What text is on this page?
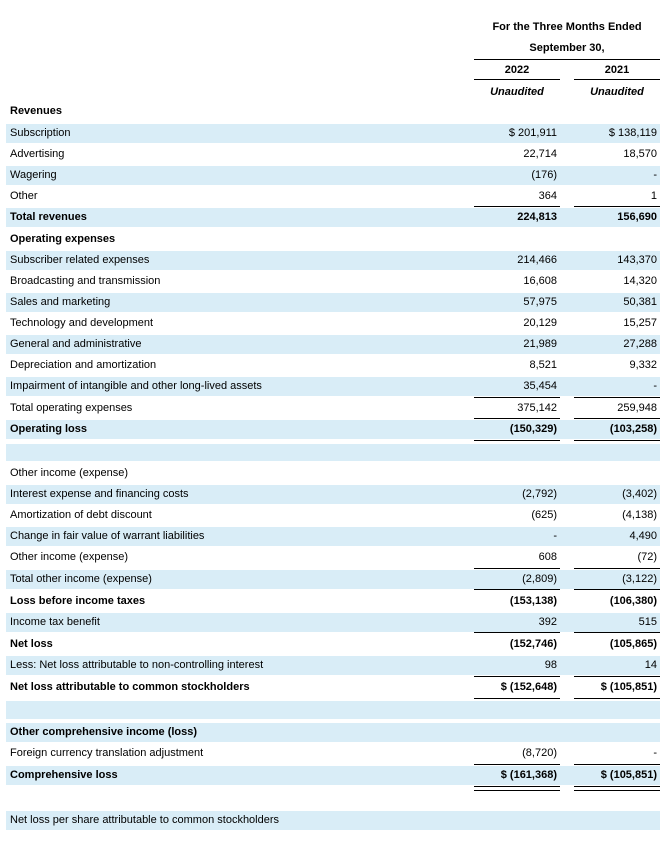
For the Three Months Ended
September 30,
2022	2021
Unaudited	Unaudited
Revenues
Subscription	$ 201,911	$ 138,119
Advertising	22,714	18,570
Wagering	(176)	-
Other	364	1
Total revenues	224,813	156,690
Operating expenses
Subscriber related expenses	214,466	143,370
Broadcasting and transmission	16,608	14,320
Sales and marketing	57,975	50,381
Technology and development	20,129	15,257
General and administrative	21,989	27,288
Depreciation and amortization	8,521	9,332
Impairment of intangible and other long-lived assets	35,454	-
Total operating expenses	375,142	259,948
Operating loss	(150,329)	(103,258)
Other income (expense)
Interest expense and financing costs	(2,792)	(3,402)
Amortization of debt discount	(625)	(4,138)
Change in fair value of warrant liabilities	-	4,490
Other income (expense)	608	(72)
Total other income (expense)	(2,809)	(3,122)
Loss before income taxes	(153,138)	(106,380)
Income tax benefit	392	515
Net loss	(152,746)	(105,865)
Less: Net loss attributable to non-controlling interest	98	14
Net loss attributable to common stockholders	$ (152,648)	$ (105,851)
Other comprehensive income (loss)
Foreign currency translation adjustment	(8,720)	-
Comprehensive loss	$ (161,368)	$ (105,851)
Net loss per share attributable to common stockholders
